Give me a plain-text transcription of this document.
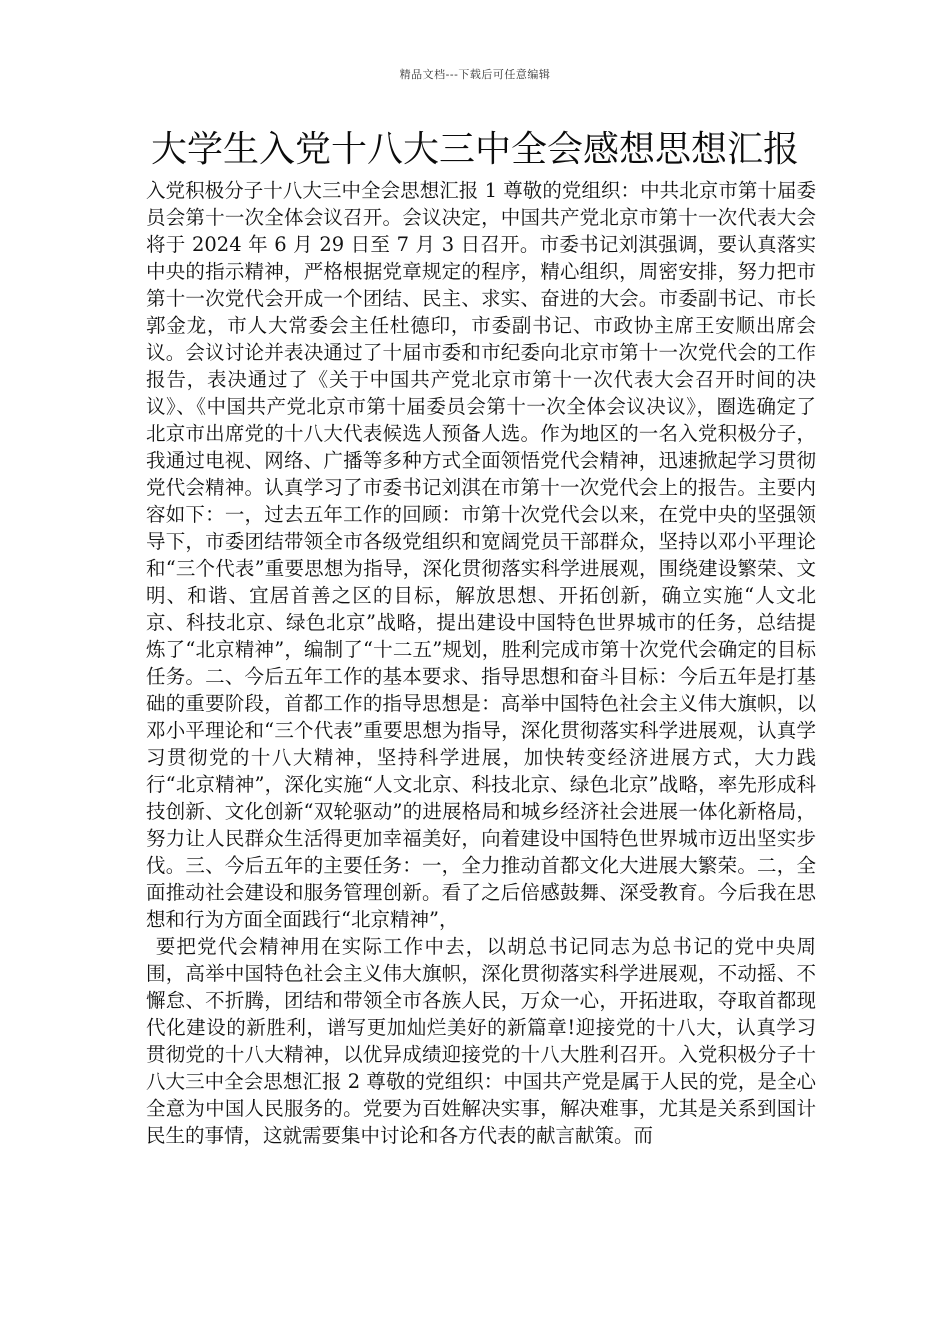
精品文档---下载后可任意编辑
大学生入党十八大三中全会感想思想汇报

入党积极分子十八大三中全会思想汇报 1 尊敬的党组织：中共北京市第十届委员会第十一次全体会议召开。会议决定，中国共产党北京市第十一次代表大会将于 2024 年 6 月 29 日至 7 月 3 日召开。市委书记刘淇强调，要认真落实中央的指示精神，严格根据党章规定的程序，精心组织，周密安排，努力把市第十一次党代会开成一个团结、民主、求实、奋进的大会。市委副书记、市长郭金龙，市人大常委会主任杜德印，市委副书记、市政协主席王安顺出席会议。会议讨论并表决通过了十届市委和市纪委向北京市第十一次党代会的工作报告，表决通过了《关于中国共产党北京市第十一次代表大会召开时间的决议》、《中国共产党北京市第十届委员会第十一次全体会议决议》，圈选确定了北京市出席党的十八大代表候选人预备人选。作为地区的一名入党积极分子，我通过电视、网络、广播等多种方式全面领悟党代会精神，迅速掀起学习贯彻党代会精神。认真学习了市委书记刘淇在市第十一次党代会上的报告。主要内容如下：一，过去五年工作的回顾：市第十次党代会以来，在党中央的坚强领导下，市委团结带领全市各级党组织和宽阔党员干部群众，坚持以邓小平理论和“三个代表”重要思想为指导，深化贯彻落实科学进展观，围绕建设繁荣、文明、和谐、宜居首善之区的目标，解放思想、开拓创新，确立实施“人文北京、科技北京、绿色北京”战略，提出建设中国特色世界城市的任务，总结提炼了“北京精神”，编制了“十二五”规划，胜利完成市第十次党代会确定的目标任务。二、今后五年工作的基本要求、指导思想和奋斗目标：今后五年是打基础的重要阶段，首都工作的指导思想是：高举中国特色社会主义伟大旗帜，以邓小平理论和“三个代表”重要思想为指导，深化贯彻落实科学进展观，认真学习贯彻党的十八大精神，坚持科学进展，加快转变经济进展方式，大力践行“北京精神”，深化实施“人文北京、科技北京、绿色北京”战略，率先形成科技创新、文化创新“双轮驱动”的进展格局和城乡经济社会进展一体化新格局，努力让人民群众生活得更加幸福美好，向着建设中国特色世界城市迈出坚实步伐。三、今后五年的主要任务：一，全力推动首都文化大进展大繁荣。二，全面推动社会建设和服务管理创新。看了之后倍感鼓舞、深受教育。今后我在思想和行为方面全面践行“北京精神”，

要把党代会精神用在实际工作中去，以胡总书记同志为总书记的党中央周围，高举中国特色社会主义伟大旗帜，深化贯彻落实科学进展观，不动摇、不懈怠、不折腾，团结和带领全市各族人民，万众一心，开拓进取，夺取首都现代化建设的新胜利，谱写更加灿烂美好的新篇章!迎接党的十八大，认真学习贯彻党的十八大精神，以优异成绩迎接党的十八大胜利召开。入党积极分子十八大三中全会思想汇报 2 尊敬的党组织：中国共产党是属于人民的党，是全心全意为中国人民服务的。党要为百姓解决实事，解决难事，尤其是关系到国计民生的事情，这就需要集中讨论和各方代表的献言献策。而
